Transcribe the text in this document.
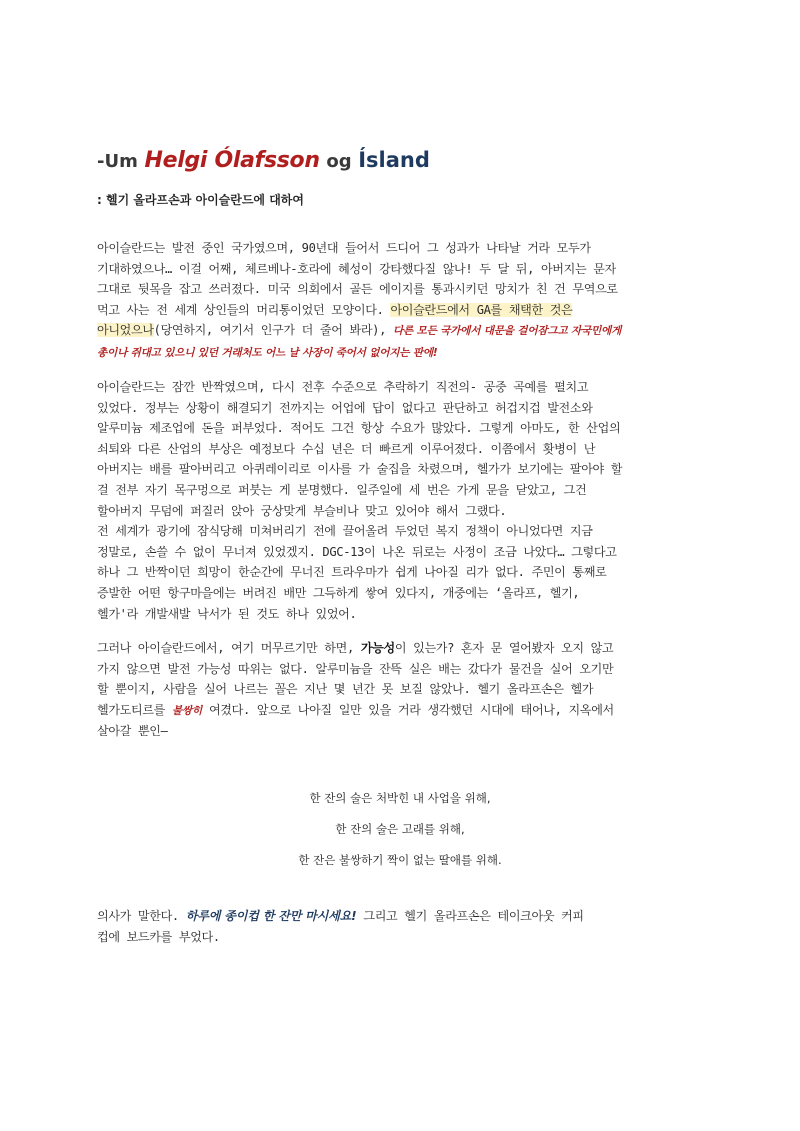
-Um Helgi Ólafsson og Ísland

: 헬기 올라프손과 아이슬란드에 대하여

아이슬란드는 발전 중인 국가였으며, 90년대 들어서 드디어 그 성과가 나타날 거라 모두가
기대하였으나… 이걸 어째, 체르베나-호라에 혜성이 강타했다질 않나! 두 달 뒤, 아버지는 문자
그대로 뒷목을 잡고 쓰러졌다. 미국 의회에서 골든 에이지를 통과시키던 망치가 친 건 무역으로
먹고 사는 전 세계 상인들의 머리통이었던 모양이다. 아이슬란드에서 GA를 채택한 것은
아니었으나(당연하지, 여기서 인구가 더 줄어 봐라), 다른 모든 국가에서 대문을 걸어잠그고 자국민에게
총이나 쥐대고 있으니 있던 거래처도 어느 날 사장이 죽어서 없어지는 판에!

아이슬란드는 잠깐 반짝였으며, 다시 전후 수준으로 추락하기 직전의- 공중 곡예를 펼치고
있었다. 정부는 상황이 해결되기 전까지는 어업에 답이 없다고 판단하고 허겁지겁 발전소와
알루미늄 제조업에 돈을 퍼부었다. 적어도 그건 항상 수요가 많았다. 그렇게 아마도, 한 산업의
쇠퇴와 다른 산업의 부상은 예정보다 수십 년은 더 빠르게 이루어졌다. 이쯤에서 홧병이 난
아버지는 배를 팔아버리고 아퀴레이리로 이사를 가 술집을 차렸으며, 헬가가 보기에는 팔아야 할
걸 전부 자기 목구멍으로 퍼붓는 게 분명했다. 일주일에 세 번은 가게 문을 닫았고, 그건
할아버지 무덤에 퍼질러 앉아 궁상맞게 부슬비나 맞고 있어야 해서 그랬다.
전 세계가 광기에 잠식당해 미쳐버리기 전에 끌어올려 두었던 복지 정책이 아니었다면 지금
정말로, 손쓸 수 없이 무너져 있었겠지. DGC-13이 나온 뒤로는 사정이 조금 나았다… 그렇다고
하나 그 반짝이던 희망이 한순간에 무너진 트라우마가 쉽게 나아질 리가 없다. 주민이 통째로
증발한 어떤 항구마을에는 버려진 배만 그득하게 쌓여 있다지, 개중에는 ‘올라프, 헬기,
헬가'라 개발새발 낙서가 된 것도 하나 있었어.

그러나 아이슬란드에서, 여기 머무르기만 하면, 가능성이 있는가? 혼자 문 열어봤자 오지 않고
가지 않으면 발전 가능성 따위는 없다. 알루미늄을 잔뜩 실은 배는 갔다가 물건을 실어 오기만
할 뿐이지, 사람을 실어 나르는 꼴은 지난 몇 년간 못 보질 않았나. 헬기 올라프손은 헬가
헬가도티르를 불쌍히 여겼다. 앞으로 나아질 일만 있을 거라 생각했던 시대에 태어나, 지옥에서
살아갈 뿐인—

한 잔의 술은 처박힌 내 사업을 위해,

한 잔의 술은 고래를 위해,

한 잔은 불쌍하기 짝이 없는 딸애를 위해.

의사가 말한다. 하루에 종이컵 한 잔만 마시세요! 그리고 헬기 올라프손은 테이크아웃 커피
컵에 보드카를 부었다.
